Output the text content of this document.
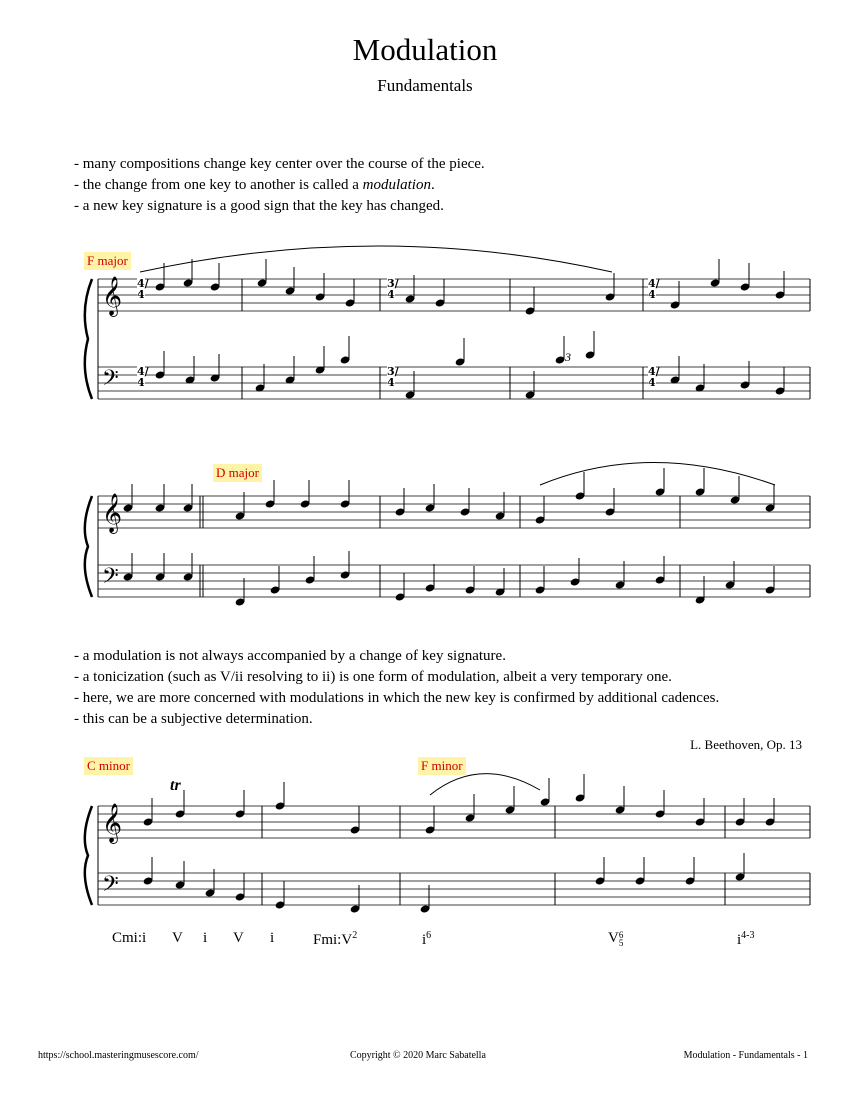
𝄞
𝄢
𝄞
𝄢
𝄞
𝄢
Modulation
Fundamentals
- many compositions change key center over the course of the piece.
- the change from one key to another is called a modulation.
- a new key signature is a good sign that the key has changed.
F major
D major
3
4/4
4/4
3/4
3/4
4/4
4/4
- a modulation is not always accompanied by a change of key signature.
- a tonicization (such as V/ii resolving to ii) is one form of modulation, albeit a very temporary one.
- here, we are more concerned with modulations in which the new key is confirmed by additional cadences.
- this can be a subjective determination.
L. Beethoven, Op. 13
C minor	F minor
tr
Cmi:i V i V i	$Fmi:V^2$	$i^6$	V 6
5	$i^{4-3}$
https://school.masteringmusescore.com/	Copyright © 2020 Marc Sabatella	Modulation - Fundamentals - 1
